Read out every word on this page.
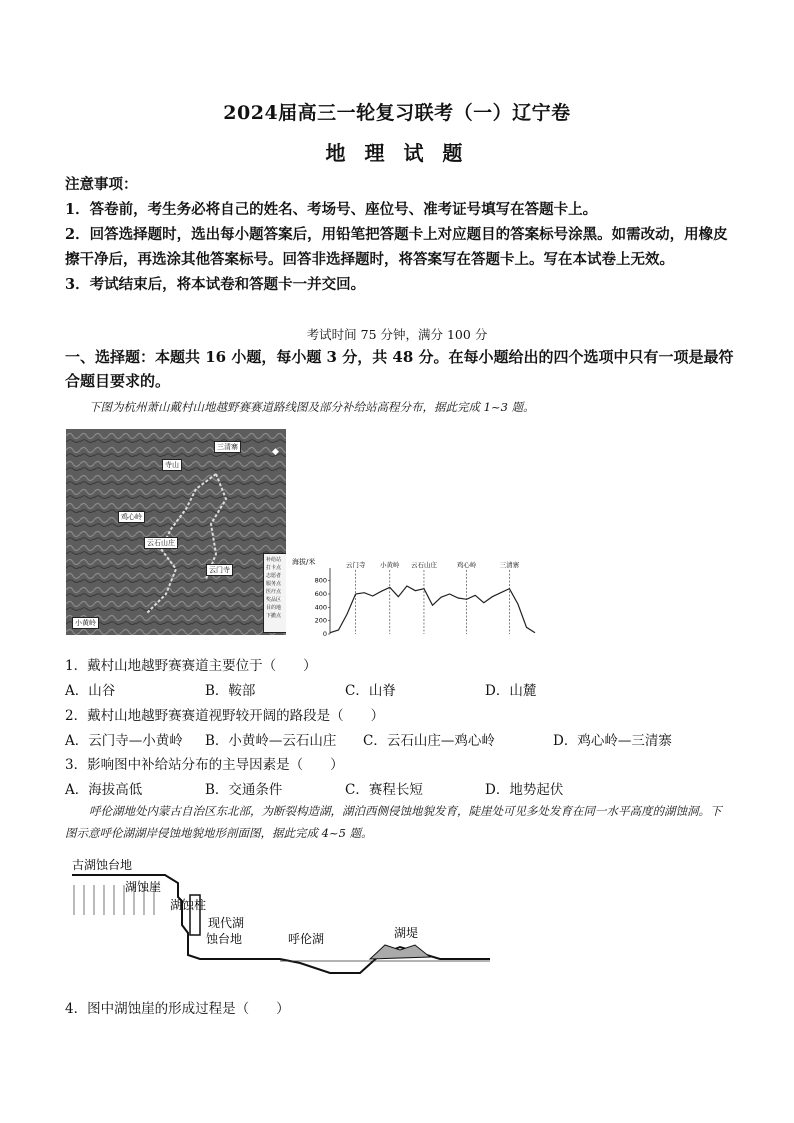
2024届高三一轮复习联考（一）辽宁卷
地 理 试 题
注意事项：
1．答卷前，考生务必将自己的姓名、考场号、座位号、准考证号填写在答题卡上。
2．回答选择题时，选出每小题答案后，用铅笔把答题卡上对应题目的答案标号涂黑。如需改动，用橡皮擦干净后，再选涂其他答案标号。回答非选择题时，将答案写在答题卡上。写在本试卷上无效。
3．考试结束后，将本试卷和答题卡一并交回。
考试时间 75 分钟，满分 100 分
一、选择题：本题共 16 小题，每小题 3 分，共 48 分。在每小题给出的四个选项中只有一项是最符合题目要求的。
下图为杭州萧山戴村山地越野赛赛道路线图及部分补给站高程分布，据此完成 1~3 题。
寺山
三清寨
鸡心岭
云石山庄
云门寺
小黄岭
补给站
打卡点
志愿者
服务点
医疗点
奖品区
目的地
下撤点
◆
海拔/米
0
200
400
600
800
云门寺 小黄岭 云石山庄	鸡心岭	三清寨
1．戴村山地越野赛赛道主要位于（　　）
A．山谷	B．鞍部	C．山脊	D．山麓
2．戴村山地越野赛赛道视野较开阔的路段是（　　）
A．云门寺—小黄岭	B．小黄岭—云石山庄	C．云石山庄—鸡心岭	D．鸡心岭—三清寨
3．影响图中补给站分布的主导因素是（　　）
A．海拔高低	B．交通条件	C．赛程长短	D．地势起伏
呼伦湖地处内蒙古自治区东北部，为断裂构造湖，湖泊西侧侵蚀地貌发育，陡崖处可见多处发育在同一水平高度的湖蚀洞。下图示意呼伦湖湖岸侵蚀地貌地形剖面图，据此完成 4~5 题。
古湖蚀台地
湖蚀崖
湖蚀柱
现代湖
蚀台地	呼伦湖	湖堤
4．图中湖蚀崖的形成过程是（　　）
